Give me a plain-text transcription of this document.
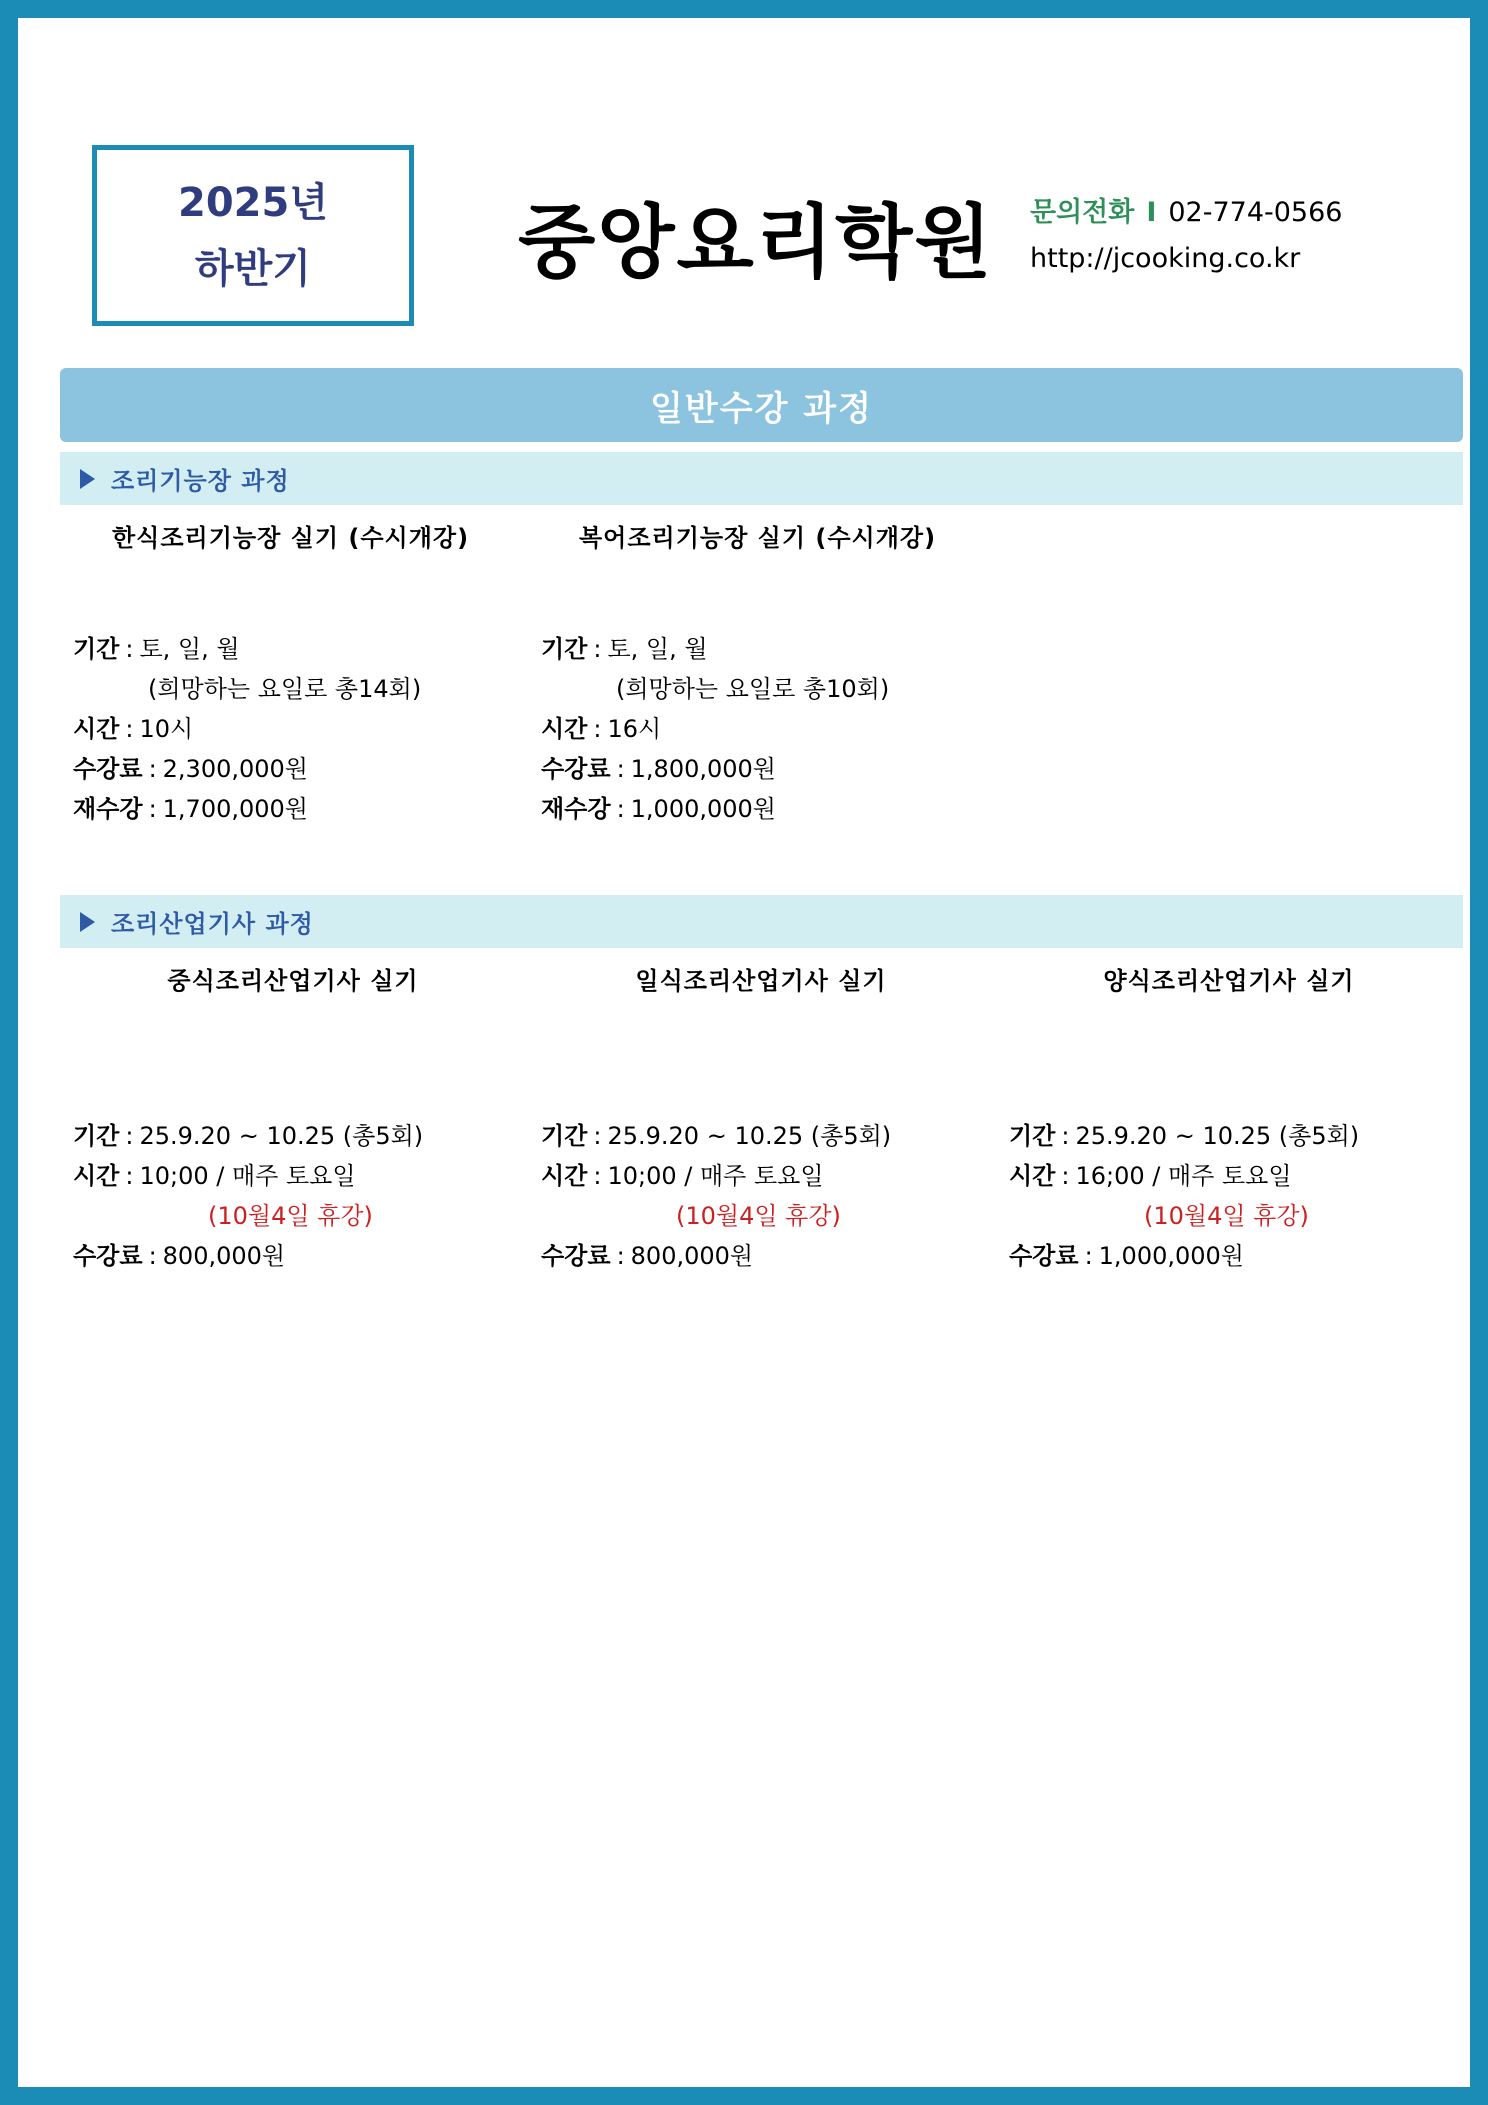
2025년
하반기	중앙요리학원 문의전화 I 02-774-0566
http://jcooking.co.kr
일반수강 과정
조리기능장 과정
한식조리기능장 실기 (수시개강)	복어조리기능장 실기 (수시개강)
기간 : 토, 일, 월
(희망하는 요일로 총14회)
시간 : 10시
수강료 : 2,300,000원
재수강 : 1,700,000원
기간 : 토, 일, 월
(희망하는 요일로 총10회)
시간 : 16시
수강료 : 1,800,000원
재수강 : 1,000,000원
조리산업기사 과정
중식조리산업기사 실기	일식조리산업기사 실기	양식조리산업기사 실기
기간 : 25.9.20 ~ 10.25 (총5회)
시간 : 10;00 / 매주 토요일
(10월4일 휴강)
수강료 : 800,000원
기간 : 25.9.20 ~ 10.25 (총5회)
시간 : 10;00 / 매주 토요일
(10월4일 휴강)
수강료 : 800,000원
기간 : 25.9.20 ~ 10.25 (총5회)
시간 : 16;00 / 매주 토요일
(10월4일 휴강)
수강료 : 1,000,000원
